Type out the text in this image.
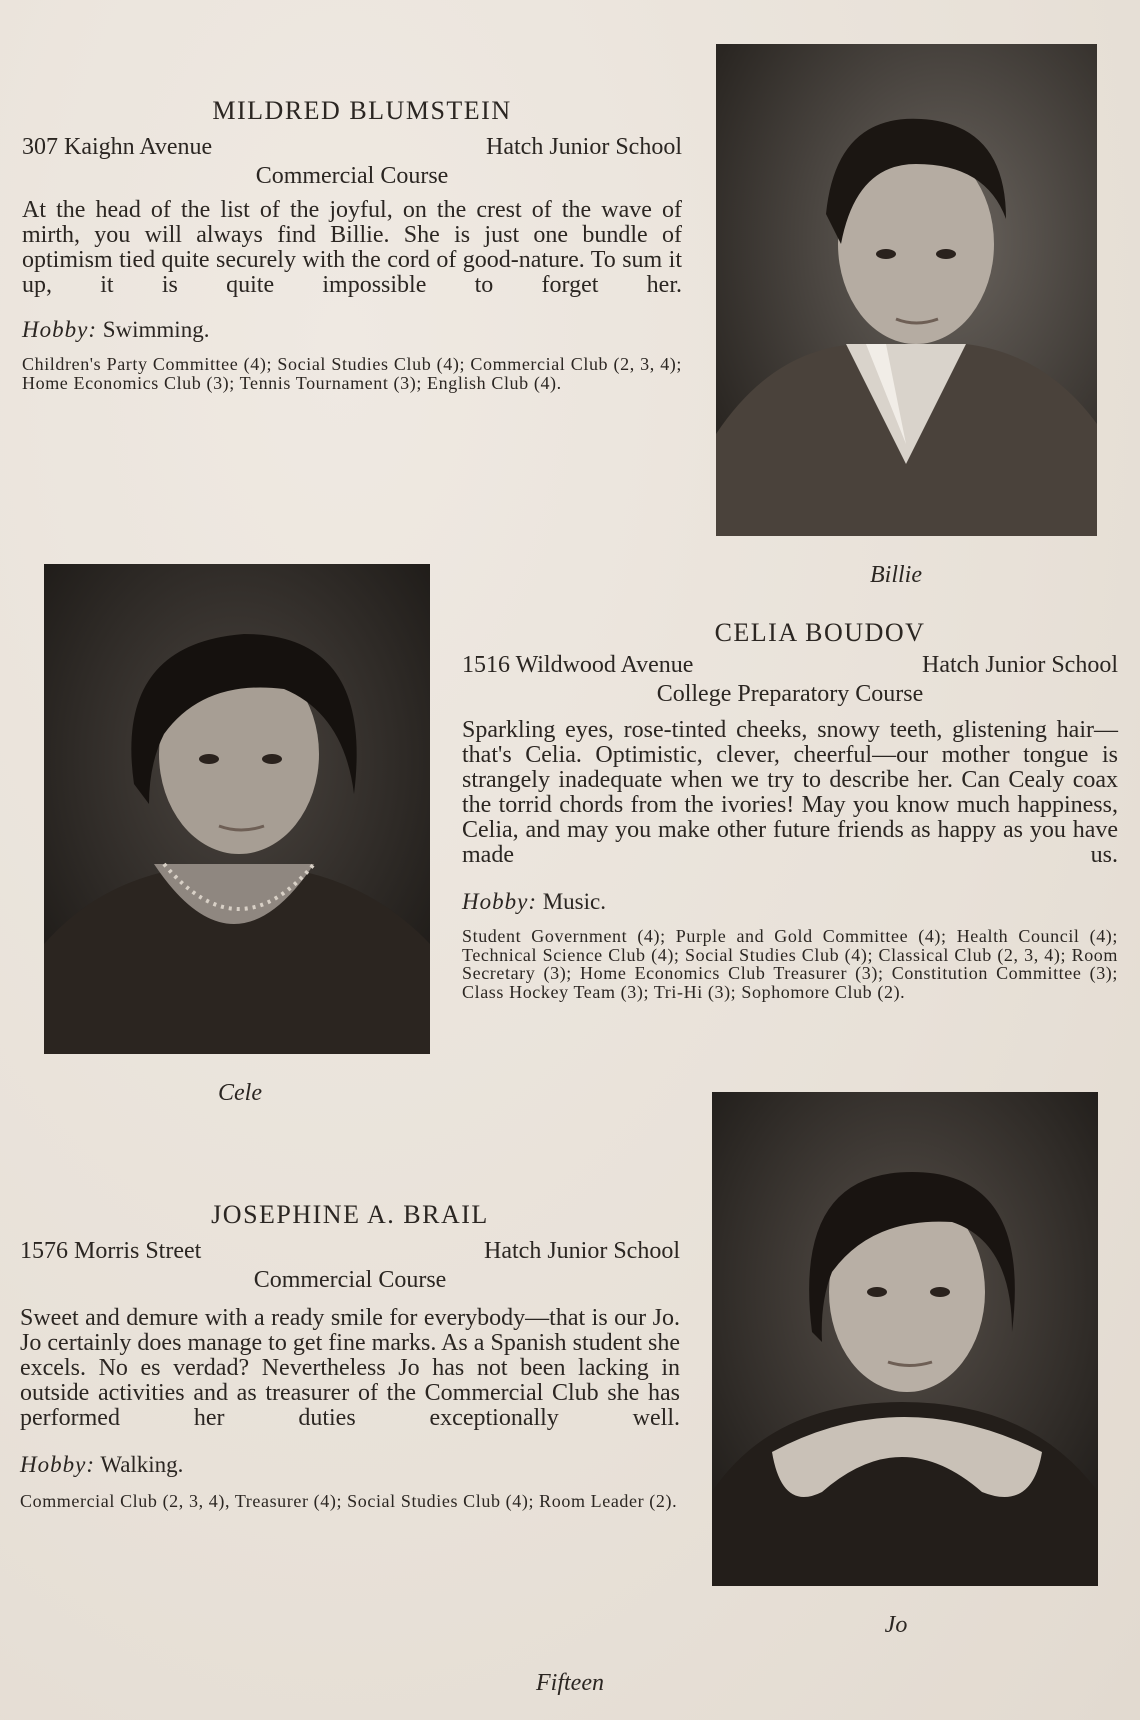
MILDRED BLUMSTEIN
307 Kaighn Avenue	Hatch Junior School
Commercial Course
At the head of the list of the joyful, on the crest of the wave of mirth, you will always find Billie. She is just one bundle of optimism tied quite securely with the cord of good-nature. To sum it up, it is quite impossible to forget her.
Hobby: Swimming.
Children's Party Committee (4); Social Studies Club (4); Commercial Club (2, 3, 4); Home Economics Club (3); Tennis Tournament (3); English Club (4).
Billie
Cele
CELIA BOUDOV
1516 Wildwood Avenue	Hatch Junior School
College Preparatory Course
Sparkling eyes, rose-tinted cheeks, snowy teeth, glistening hair—that's Celia. Optimistic, clever, cheerful—our mother tongue is strangely inadequate when we try to describe her. Can Cealy coax the torrid chords from the ivories! May you know much happiness, Celia, and may you make other future friends as happy as you have made us.
Hobby: Music.
Student Government (4); Purple and Gold Committee (4); Health Council (4); Technical Science Club (4); Social Studies Club (4); Classical Club (2, 3, 4); Room Secretary (3); Home Economics Club Treasurer (3); Constitution Committee (3); Class Hockey Team (3); Tri-Hi (3); Sophomore Club (2).
JOSEPHINE A. BRAIL
1576 Morris Street	Hatch Junior School
Commercial Course
Sweet and demure with a ready smile for everybody—that is our Jo. Jo certainly does manage to get fine marks. As a Spanish student she excels. No es verdad? Nevertheless Jo has not been lacking in outside activities and as treasurer of the Commercial Club she has performed her duties exceptionally well.
Hobby: Walking.
Commercial Club (2, 3, 4), Treasurer (4); Social Studies Club (4); Room Leader (2).
Jo
Fifteen
